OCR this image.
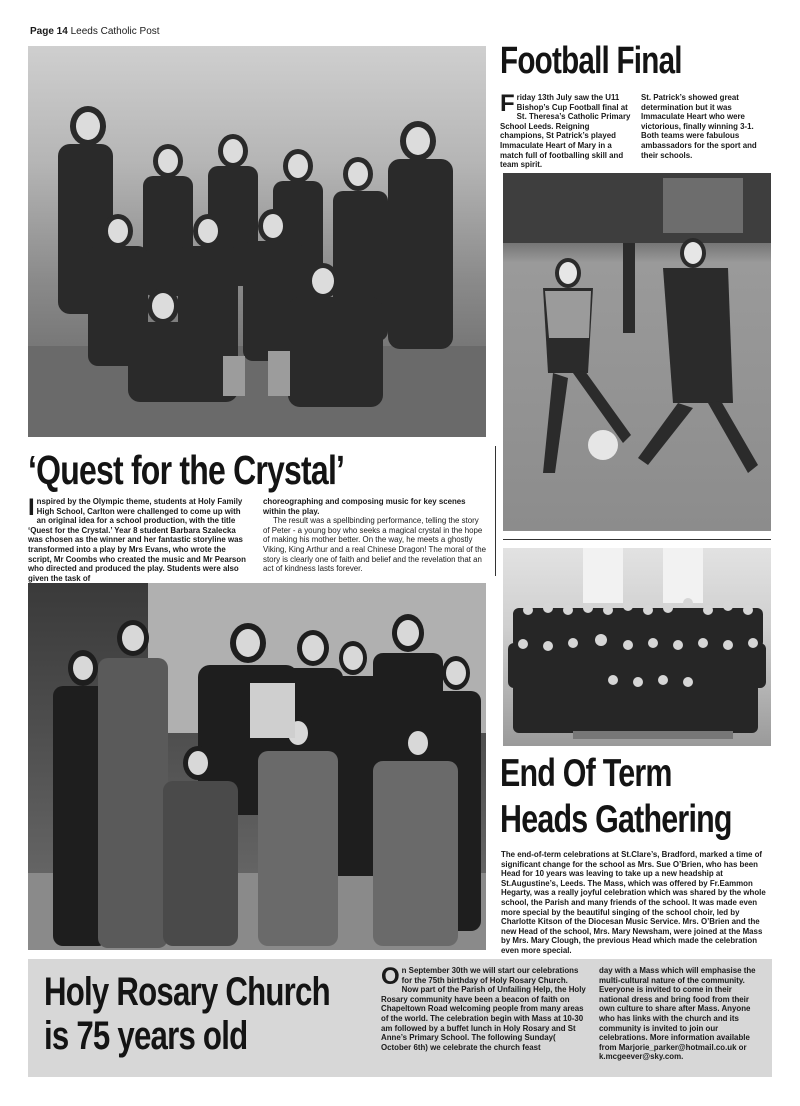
Page 14 Leeds Catholic Post
Football Final
F riday 13th July saw the U11 Bishop’s Cup Football final at St. Theresa’s Catholic Primary School Leeds. Reigning champions, St Patrick’s played Immaculate Heart of Mary in a match full of footballing skill and team spirit.
St. Patrick’s showed great determination but it was Immaculate Heart who were victorious, finally winning 3-1. Both teams were fabulous ambassadors for the sport and their schools.
‘Quest for the Crystal’
I nspired by the Olympic theme, students at Holy Family High School, Carlton were challenged to come up with an original idea for a school production, with the title ‘Quest for the Crystal.’ Year 8 student Barbara Szalecka was chosen as the winner and her fantastic storyline was transformed into a play by Mrs Evans, who wrote the script, Mr Coombs who created the music and Mr Pearson who directed and produced the play. Students were also given the task of

choreographing and composing music for key scenes within the play.

The result was a spellbinding performance, telling the story of Peter - a young boy who seeks a magical crystal in the hope of making his mother better. On the way, he meets a ghostly Viking, King Arthur and a real Chinese Dragon! The moral of the story is clearly one of faith and belief and the revelation that an act of kindness lasts forever.

End Of Term
Heads Gathering
The end-of-term celebrations at St.Clare’s, Bradford, marked a time of significant change for the school as Mrs. Sue O’Brien, who has been Head for 10 years was leaving to take up a new headship at St.Augustine’s, Leeds. The Mass, which was offered by Fr.Eammon Hegarty, was a really joyful celebration which was shared by the whole school, the Parish and many friends of the school. It was made even more special by the beautiful singing of the school choir, led by Charlotte Kitson of the Diocesan Music Service. Mrs. O’Brien and the new Head of the school, Mrs. Mary Newsham, were joined at the Mass by Mrs. Mary Clough, the previous Head which made the celebration even more special.
Holy Rosary Church
is 75 years old
O n September 30th we will start our celebrations for the 75th birthday of Holy Rosary Church. Now part of the Parish of Unfailing Help, the Holy Rosary community have been a beacon of faith on Chapeltown Road welcoming people from many areas of the world. The celebration begin with Mass at 10-30 am followed by a buffet lunch in Holy Rosary and St Anne’s Primary School. The following Sunday( October 6th) we celebrate the church feast
day with a Mass which will emphasise the multi-cultural nature of the community. Everyone is invited to come in their national dress and bring food from their own culture to share after Mass. Anyone who has links with the church and its community is invited to join our celebrations. More information available from Marjorie_parker@hotmail.co.uk or k.mcgeever@sky.com.
